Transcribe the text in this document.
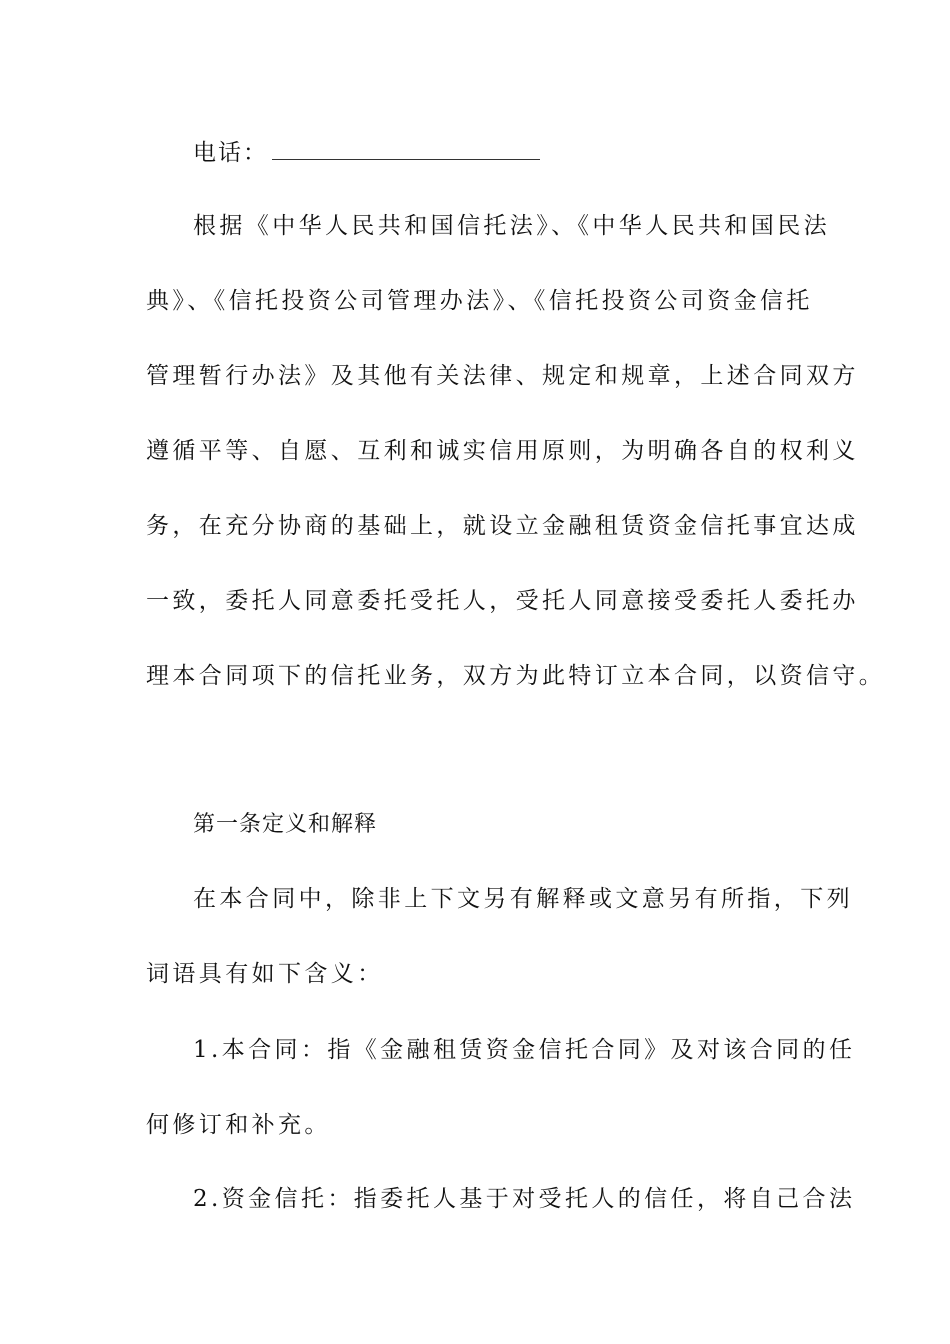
电话：
根据《中华人民共和国信托法》、《中华人民共和国民法
典》、《信托投资公司管理办法》、《信托投资公司资金信托
管理暂行办法》及其他有关法律、规定和规章，上述合同双方
遵循平等、自愿、互利和诚实信用原则，为明确各自的权利义
务，在充分协商的基础上，就设立金融租赁资金信托事宜达成
一致，委托人同意委托受托人，受托人同意接受委托人委托办
理本合同项下的信托业务，双方为此特订立本合同，以资信守。
第一条定义和解释
在本合同中，除非上下文另有解释或文意另有所指，下列
词语具有如下含义：
1.本合同：指《金融租赁资金信托合同》及对该合同的任
何修订和补充。
2.资金信托：指委托人基于对受托人的信任，将自己合法
